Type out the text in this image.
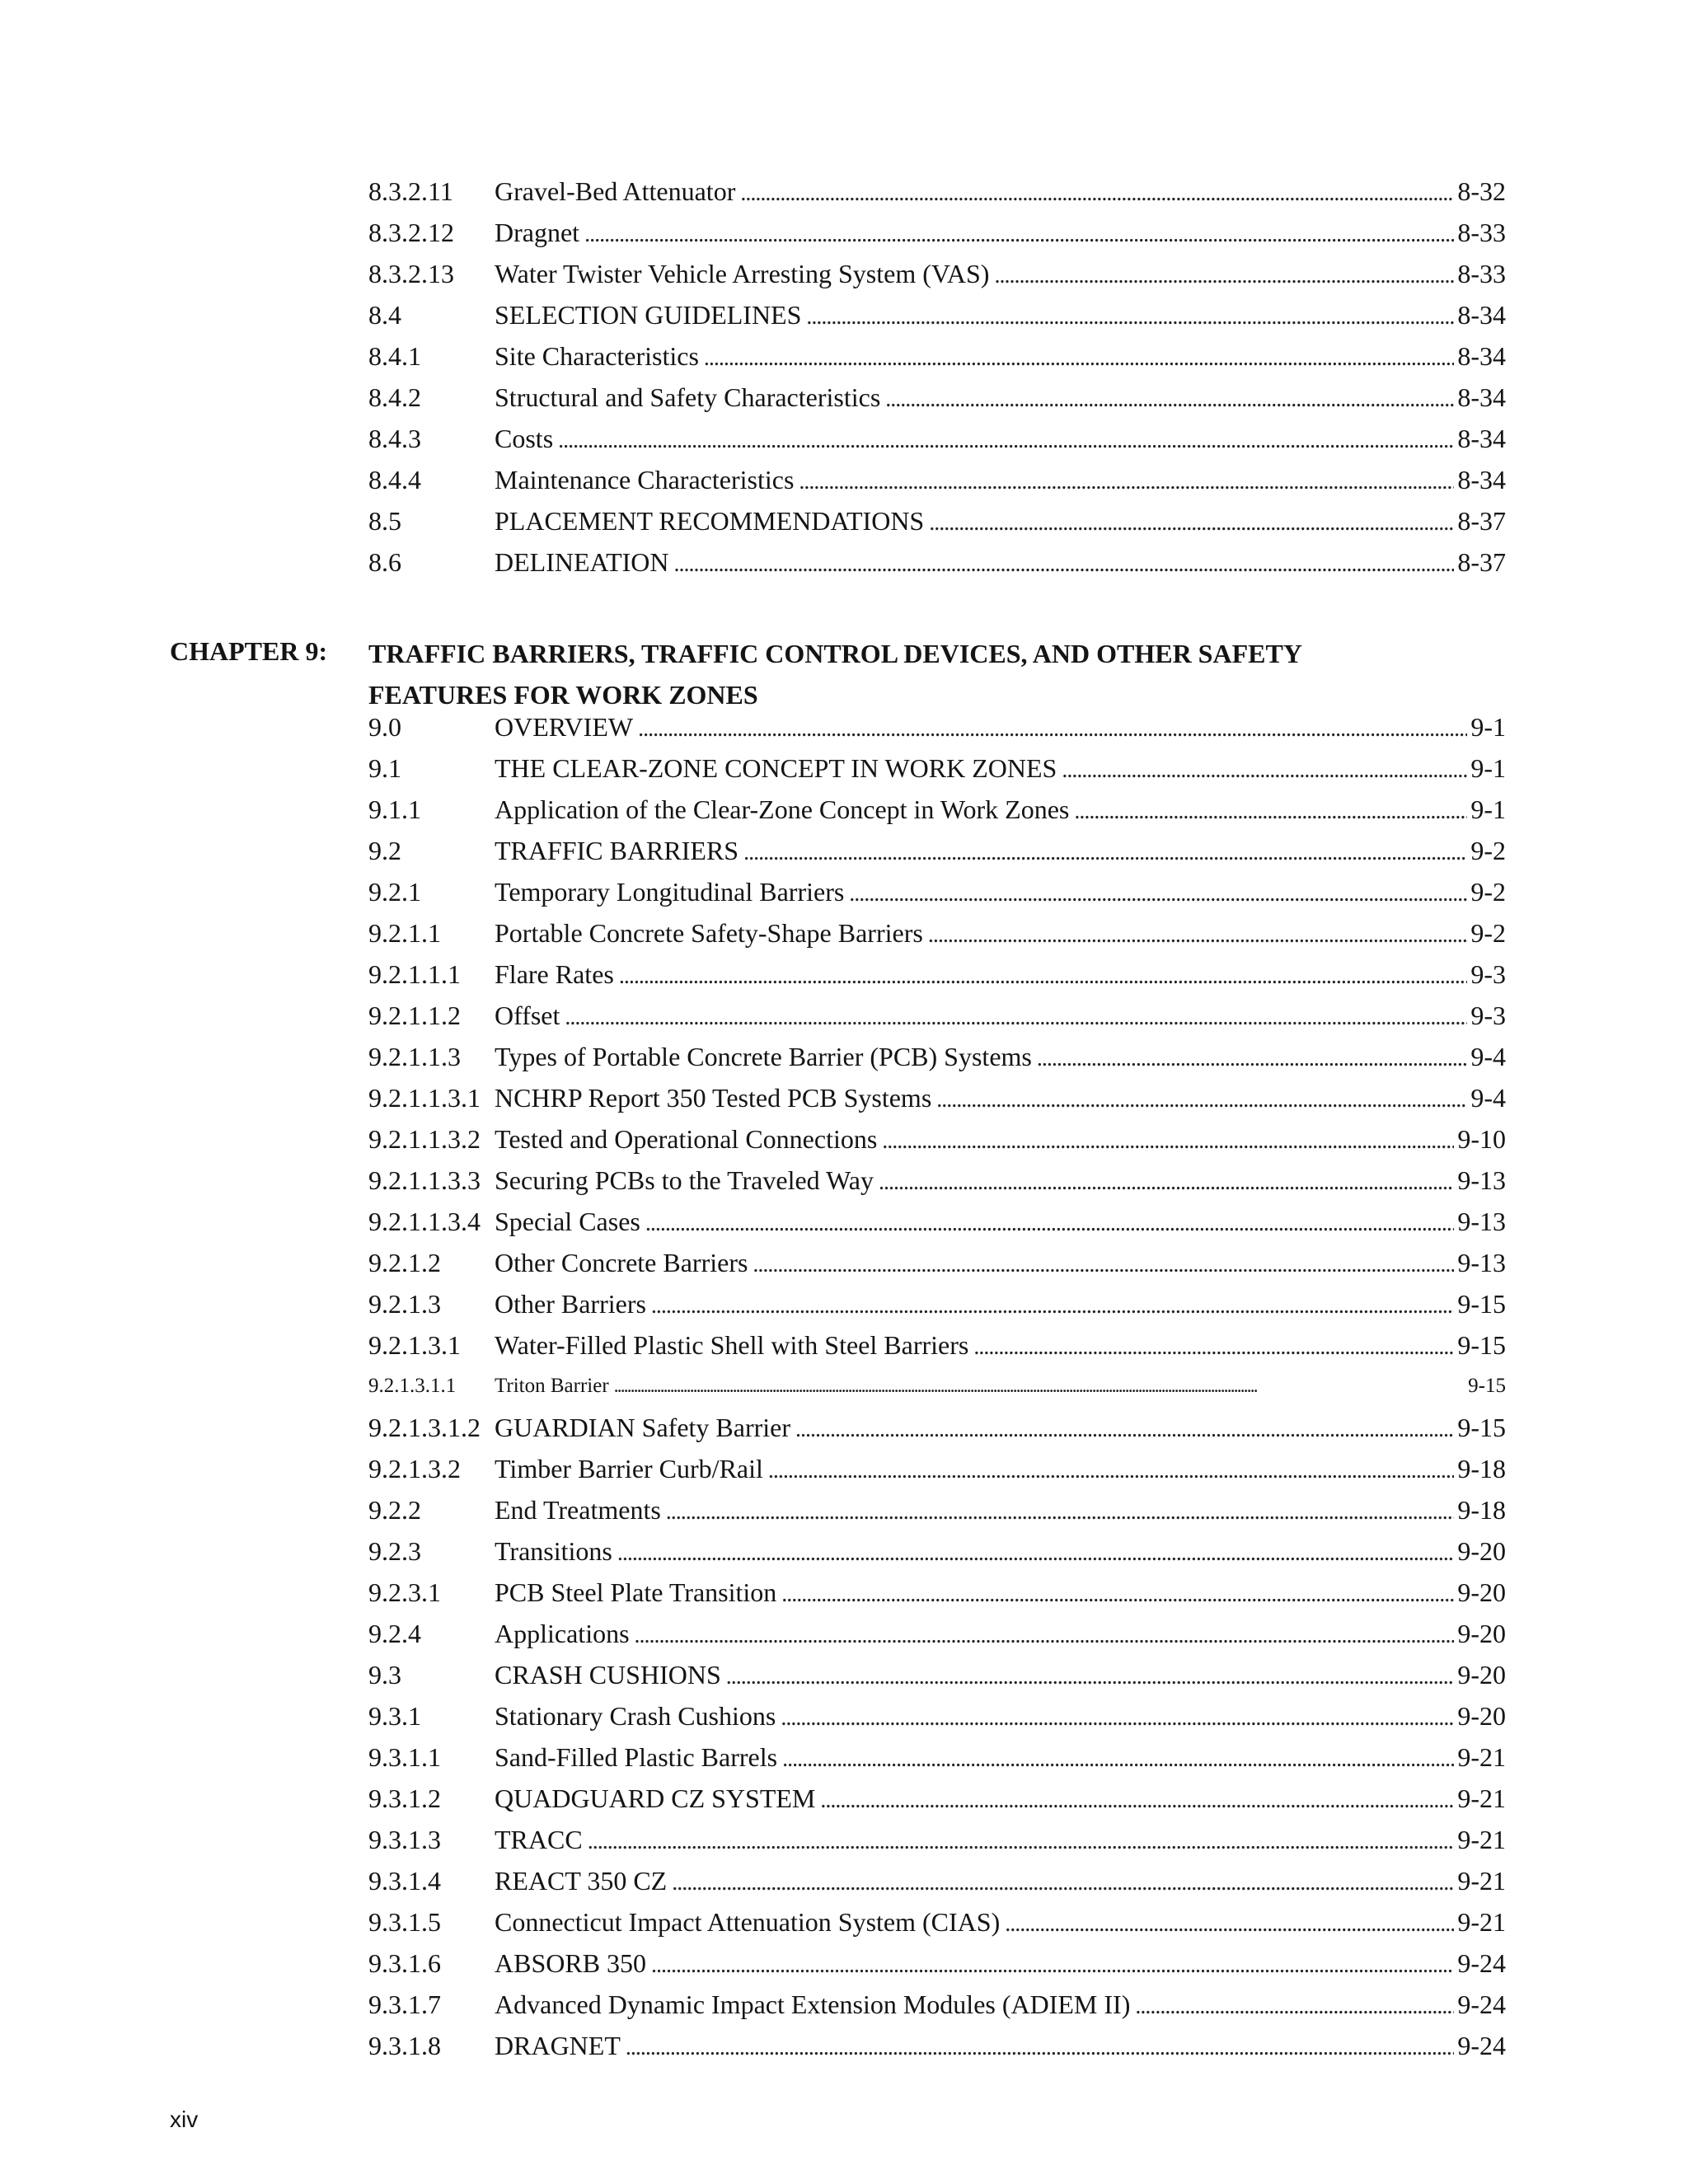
8.3.2.11	Gravel-Bed Attenuator . . .	8-32
8.3.2.12	Dragnet . . .	8-33
8.3.2.13	Water Twister Vehicle Arresting System (VAS) . . .	8-33
8.4	SELECTION GUIDELINES . . .	8-34
8.4.1	Site Characteristics . . .	8-34
8.4.2	Structural and Safety Characteristics . . .	8-34
8.4.3	Costs . . .	8-34
8.4.4	Maintenance Characteristics . . .	8-34
8.5	PLACEMENT RECOMMENDATIONS . . .	8-37
8.6	DELINEATION . . .	8-37
CHAPTER 9: TRAFFIC BARRIERS, TRAFFIC CONTROL DEVICES, AND OTHER SAFETY FEATURES FOR WORK ZONES
9.0	OVERVIEW . . .	9-1
9.1	THE CLEAR-ZONE CONCEPT IN WORK ZONES . . .	9-1
9.1.1	Application of the Clear-Zone Concept in Work Zones . . .	9-1
9.2	TRAFFIC BARRIERS . . .	9-2
9.2.1	Temporary Longitudinal Barriers . . .	9-2
9.2.1.1	Portable Concrete Safety-Shape Barriers . . .	9-2
9.2.1.1.1	Flare Rates . . .	9-3
9.2.1.1.2	Offset . . .	9-3
9.2.1.1.3	Types of Portable Concrete Barrier (PCB) Systems . . .	9-4
9.2.1.1.3.1 NCHRP Report 350 Tested PCB Systems . . .	9-4
9.2.1.1.3.2 Tested and Operational Connections . . .	9-10
9.2.1.1.3.3 Securing PCBs to the Traveled Way . . .	9-13
9.2.1.1.3.4 Special Cases . . .	9-13
9.2.1.2	Other Concrete Barriers . . .	9-13
9.2.1.3	Other Barriers . . .	9-15
9.2.1.3.1	Water-Filled Plastic Shell with Steel Barriers . . .	9-15
9.2.1.3.1.1	Triton Barrier . . .	9-15
9.2.1.3.1.2 GUARDIAN Safety Barrier . . .	9-15
9.2.1.3.2	Timber Barrier Curb/Rail . . .	9-18
9.2.2	End Treatments . . .	9-18
9.2.3	Transitions . . .	9-20
9.2.3.1	PCB Steel Plate Transition . . .	9-20
9.2.4	Applications . . .	9-20
9.3	CRASH CUSHIONS . . .	9-20
9.3.1	Stationary Crash Cushions . . .	9-20
9.3.1.1	Sand-Filled Plastic Barrels . . .	9-21
9.3.1.2	QUADGUARD CZ SYSTEM . . .	9-21
9.3.1.3	TRACC . . .	9-21
9.3.1.4	REACT 350 CZ . . .	9-21
9.3.1.5	Connecticut Impact Attenuation System (CIAS) . . .	9-21
9.3.1.6	ABSORB 350 . . .	9-24
9.3.1.7	Advanced Dynamic Impact Extension Modules (ADIEM II) . . .	9-24
9.3.1.8	DRAGNET . . .	9-24
xiv
